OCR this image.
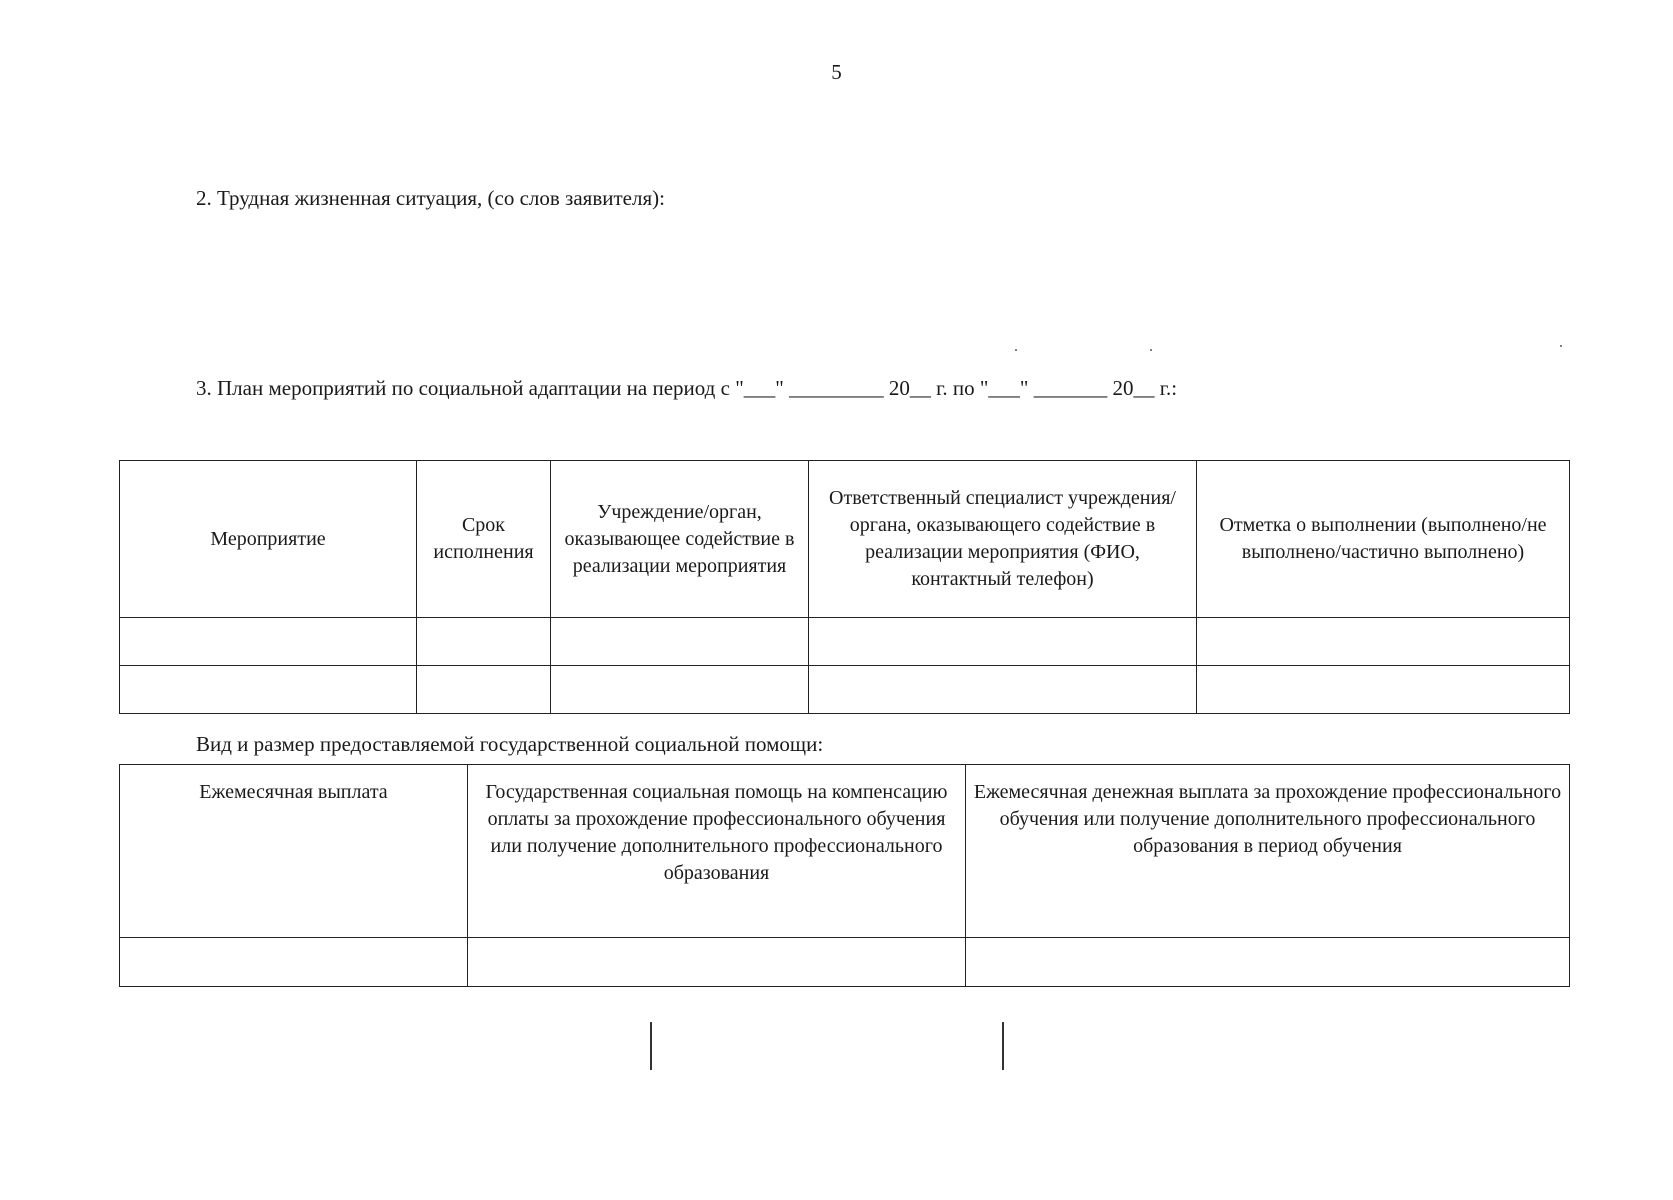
5
2. Трудная жизненная ситуация, (со слов заявителя):
3. План мероприятий по социальной адаптации на период с "___" _________ 20__ г. по "___" _______ 20__ г.:
Мероприятие	Срок исполнения	Учреждение/орган, оказывающее содействие в реализации мероприятия	Ответственный специалист учреждения/органа, оказывающего содействие в реализации мероприятия (ФИО, контактный телефон)	Отметка о выполнении (выполнено/не выполнено/частично выполнено)

Вид и размер предоставляемой государственной социальной помощи:
Ежемесячная выплата	Государственная социальная помощь на компенсацию оплаты за прохождение профессионального обучения или получение дополнительного профессионального образования	Ежемесячная денежная выплата за прохождение профессионального обучения или получение дополнительного профессионального образования в период обучения
